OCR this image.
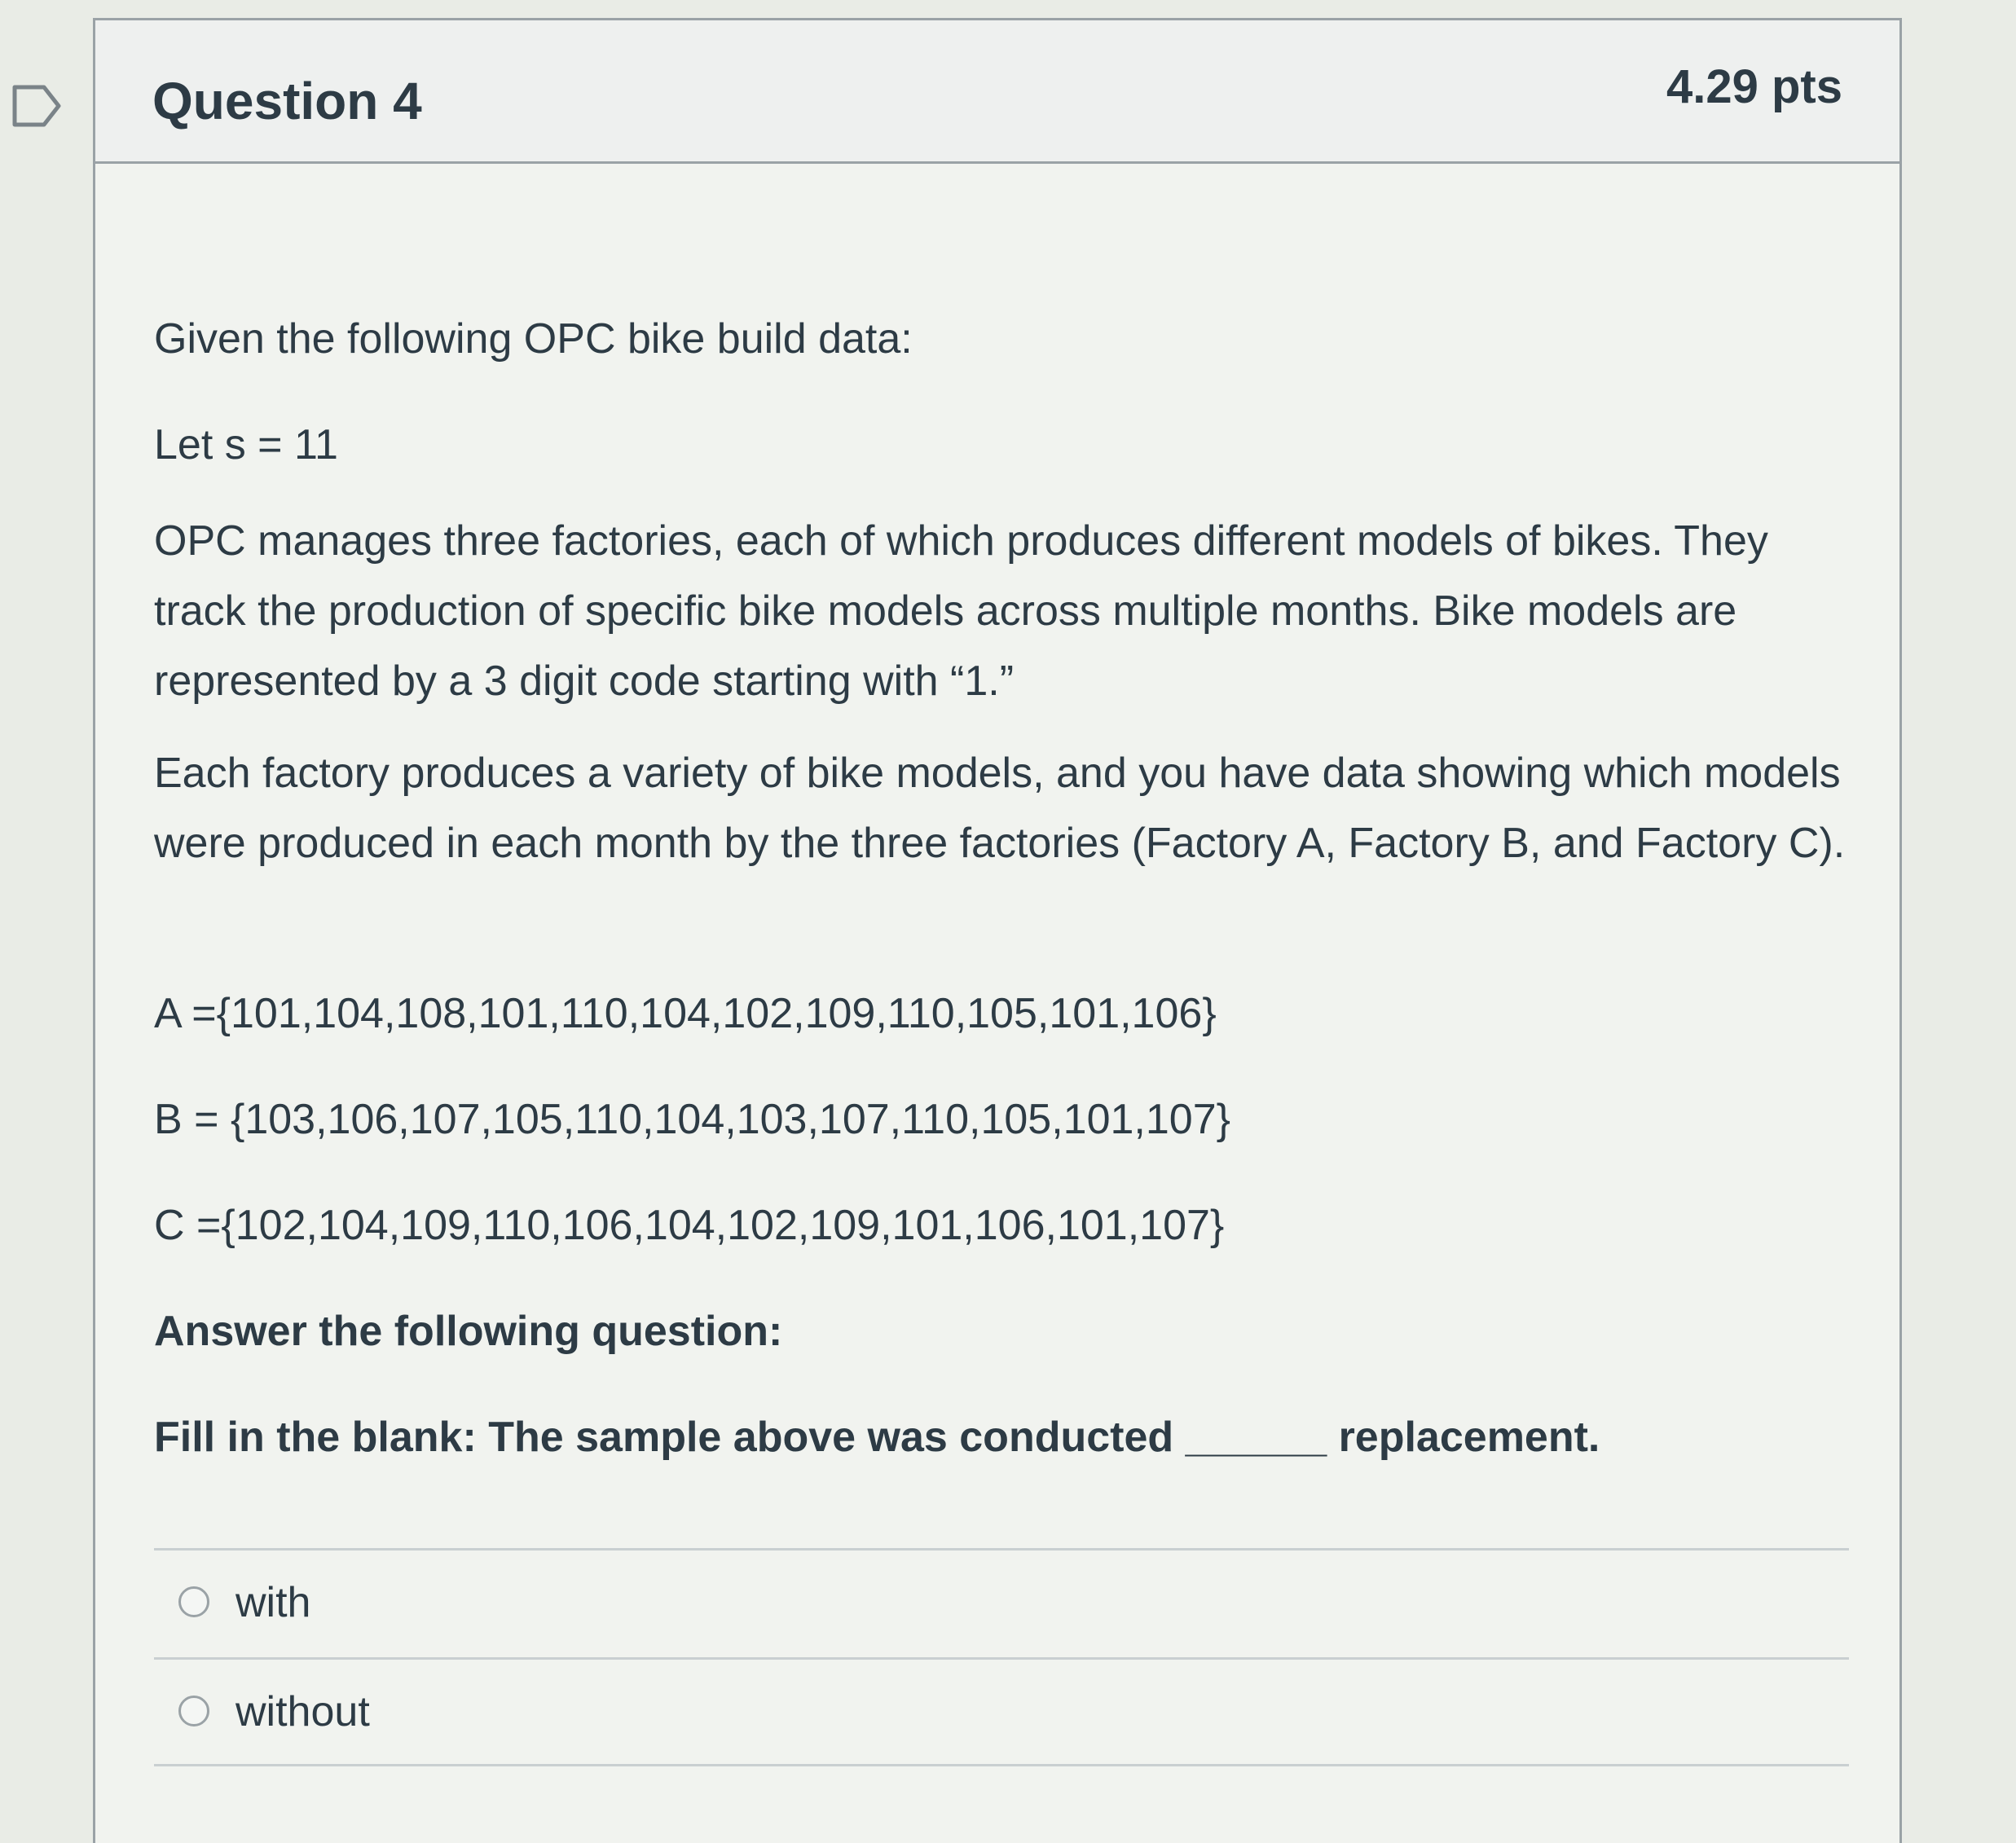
Question 4	4.29 pts

Given the following OPC bike build data:

Let s = 11

OPC manages three factories, each of which produces different models of bikes. They track the production of specific bike models across multiple months. Bike models are represented by a 3 digit code starting with “1.”

Each factory produces a variety of bike models, and you have data showing which models were produced in each month by the three factories (Factory A, Factory B, and Factory C).

A ={101,104,108,101,110,104,102,109,110,105,101,106}

B = {103,106,107,105,110,104,103,107,110,105,101,107}

C ={102,104,109,110,106,104,102,109,101,106,101,107}

Answer the following question:

Fill in the blank: The sample above was conducted ______ replacement.

with
without
